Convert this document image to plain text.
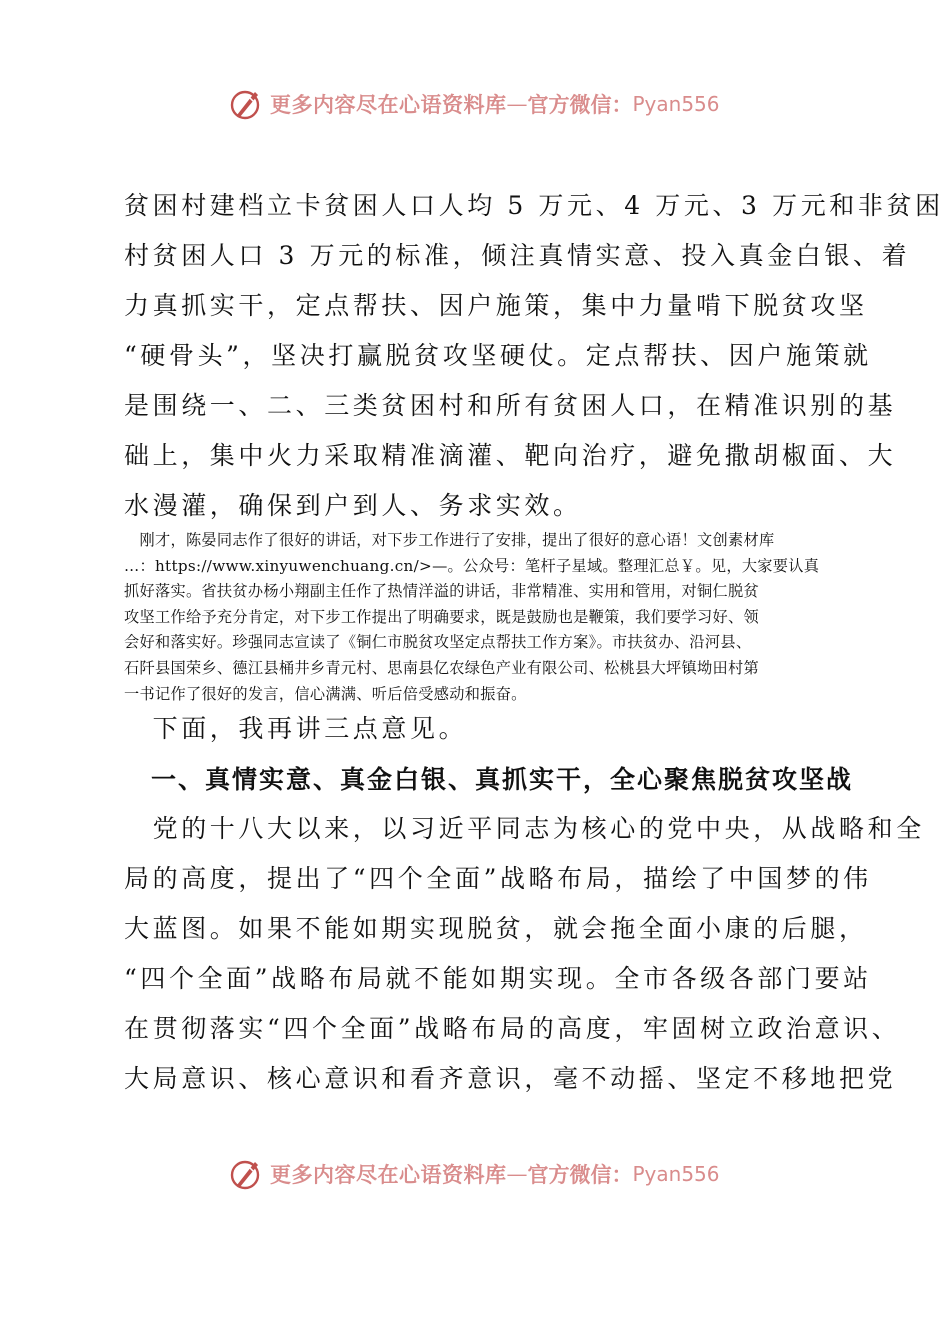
更多内容尽在心语资料库 — 官方微信： Pyan556
贫困村建档立卡贫困人口人均 5 万元、4 万元、3 万元和非贫困
村贫困人口 3 万元的标准，倾注真情实意、投入真金白银、着
力真抓实干，定点帮扶、因户施策，集中力量啃下脱贫攻坚
“硬骨头”，坚决打赢脱贫攻坚硬仗。定点帮扶、因户施策就
是围绕一、二、三类贫困村和所有贫困人口，在精准识别的基
础上，集中火力采取精准滴灌、靶向治疗，避免撒胡椒面、大
水漫灌，确保到户到人、务求实效。
　刚才，陈晏同志作了很好的讲话，对下步工作进行了安排，提出了很好的意心语！文创素材库
…：https://www.xinyuwenchuang.cn/>—。公众号：笔杆子星域。整理汇总￥。见，大家要认真
抓好落实。省扶贫办杨小翔副主任作了热情洋溢的讲话，非常精准、实用和管用，对铜仁脱贫
攻坚工作给予充分肯定，对下步工作提出了明确要求，既是鼓励也是鞭策，我们要学习好、领
会好和落实好。珍强同志宣读了《铜仁市脱贫攻坚定点帮扶工作方案》。市扶贫办、沿河县、
石阡县国荣乡、德江县桶井乡青元村、思南县亿农绿色产业有限公司、松桃县大坪镇坳田村第
一书记作了很好的发言，信心满满、听后倍受感动和振奋。
　下面，我再讲三点意见。
　一、真情实意、真金白银、真抓实干，全心聚焦脱贫攻坚战
　党的十八大以来，以习近平同志为核心的党中央，从战略和全
局的高度，提出了“四个全面”战略布局，描绘了中国梦的伟
大蓝图。如果不能如期实现脱贫，就会拖全面小康的后腿，
“四个全面”战略布局就不能如期实现。全市各级各部门要站
在贯彻落实“四个全面”战略布局的高度，牢固树立政治意识、
大局意识、核心意识和看齐意识，毫不动摇、坚定不移地把党
更多内容尽在心语资料库 — 官方微信： Pyan556
